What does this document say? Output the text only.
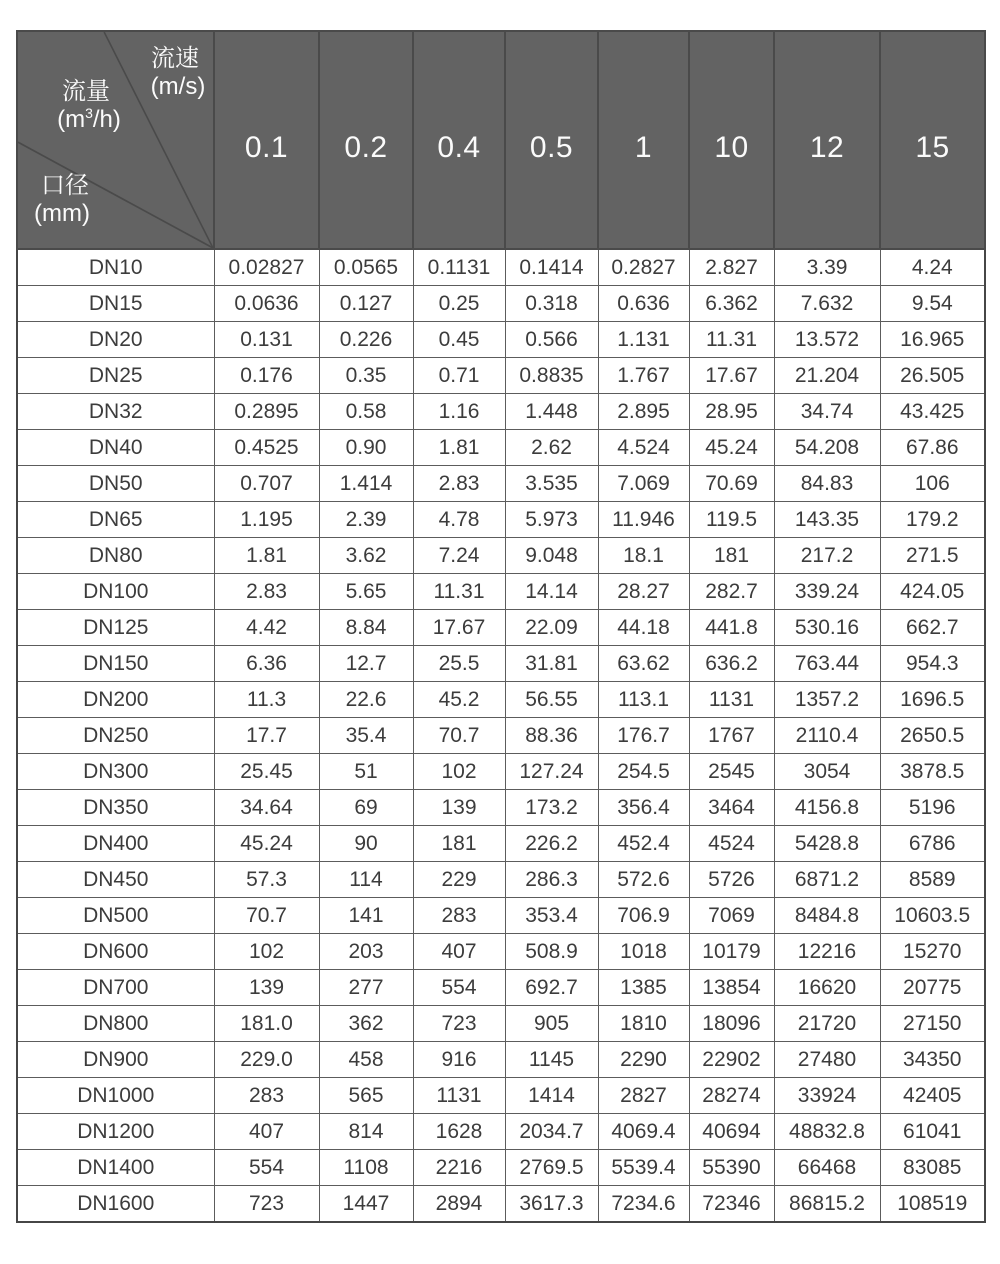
流速
(m/s)
流量
$(m^3/h)$
口径
(mm)
	0.1	0.2	0.4	0.5	1	10	12	15
DN10	0.02827	0.0565	0.1131	0.1414	0.2827	2.827	3.39	4.24
DN15	0.0636	0.127	0.25	0.318	0.636	6.362	7.632	9.54
DN20	0.131	0.226	0.45	0.566	1.131	11.31	13.572	16.965
DN25	0.176	0.35	0.71	0.8835	1.767	17.67	21.204	26.505
DN32	0.2895	0.58	1.16	1.448	2.895	28.95	34.74	43.425
DN40	0.4525	0.90	1.81	2.62	4.524	45.24	54.208	67.86
DN50	0.707	1.414	2.83	3.535	7.069	70.69	84.83	106
DN65	1.195	2.39	4.78	5.973	11.946	119.5	143.35	179.2
DN80	1.81	3.62	7.24	9.048	18.1	181	217.2	271.5
DN100	2.83	5.65	11.31	14.14	28.27	282.7	339.24	424.05
DN125	4.42	8.84	17.67	22.09	44.18	441.8	530.16	662.7
DN150	6.36	12.7	25.5	31.81	63.62	636.2	763.44	954.3
DN200	11.3	22.6	45.2	56.55	113.1	1131	1357.2	1696.5
DN250	17.7	35.4	70.7	88.36	176.7	1767	2110.4	2650.5
DN300	25.45	51	102	127.24	254.5	2545	3054	3878.5
DN350	34.64	69	139	173.2	356.4	3464	4156.8	5196
DN400	45.24	90	181	226.2	452.4	4524	5428.8	6786
DN450	57.3	114	229	286.3	572.6	5726	6871.2	8589
DN500	70.7	141	283	353.4	706.9	7069	8484.8	10603.5
DN600	102	203	407	508.9	1018	10179	12216	15270
DN700	139	277	554	692.7	1385	13854	16620	20775
DN800	181.0	362	723	905	1810	18096	21720	27150
DN900	229.0	458	916	1145	2290	22902	27480	34350
DN1000	283	565	1131	1414	2827	28274	33924	42405
DN1200	407	814	1628	2034.7	4069.4	40694	48832.8	61041
DN1400	554	1108	2216	2769.5	5539.4	55390	66468	83085
DN1600	723	1447	2894	3617.3	7234.6	72346	86815.2	108519
